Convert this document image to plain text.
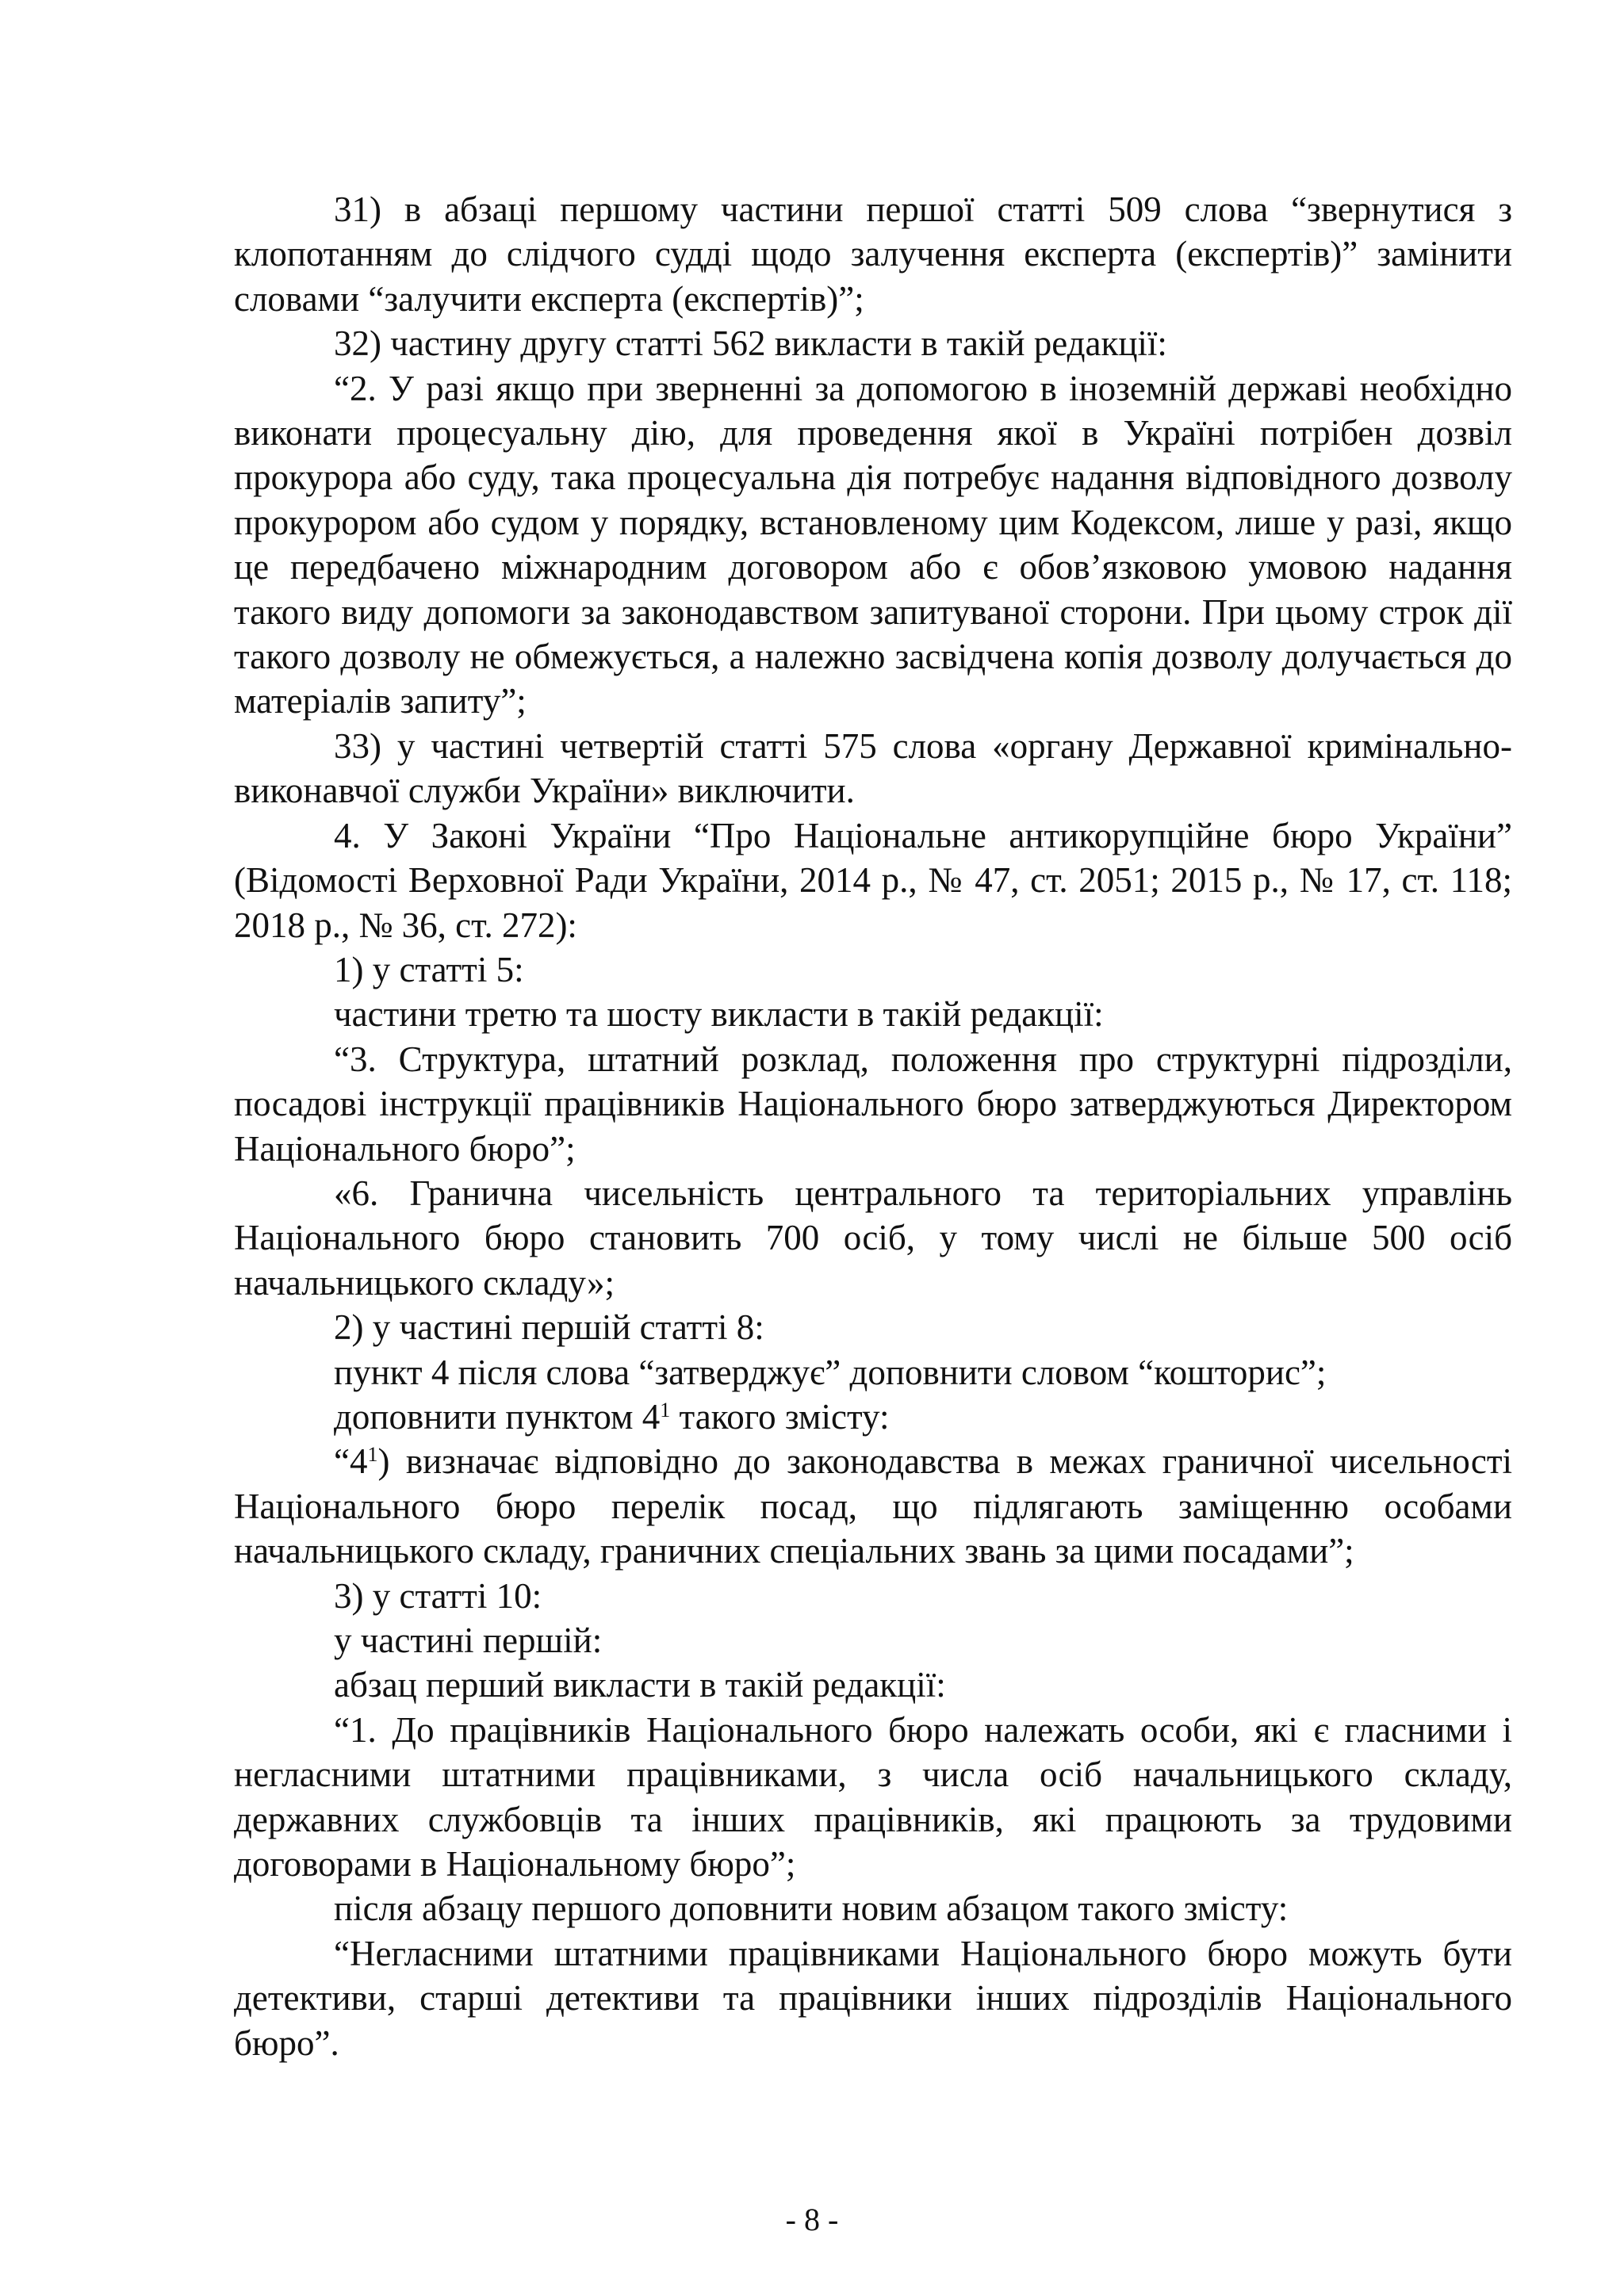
31) в абзаці першому частини першої статті 509 слова “звернутися з клопотанням до слідчого судді щодо залучення експерта (експертів)” замінити словами “залучити експерта (експертів)”;

32) частину другу статті 562 викласти в такій редакції:

“2. У разі якщо при зверненні за допомогою в іноземній державі необхідно виконати процесуальну дію, для проведення якої в Україні потрібен дозвіл прокурора або суду, така процесуальна дія потребує надання відповідного дозволу прокурором або судом у порядку, встановленому цим Кодексом, лише у разі, якщо це передбачено міжнародним договором або є обов’язковою умовою надання такого виду допомоги за законодавством запитуваної сторони. При цьому строк дії такого дозволу не обмежується, а належно засвідчена копія дозволу долучається до матеріалів запиту”;

33) у частині четвертій статті 575 слова «органу Державної кримінально-виконавчої служби України» виключити.

4. У Законі України “Про Національне антикорупційне бюро України” (Відомості Верховної Ради України, 2014 р., № 47, ст. 2051; 2015 р., № 17, ст. 118; 2018 р., № 36, ст. 272):

1) у статті 5:

частини третю та шосту викласти в такій редакції:

“3. Структура, штатний розклад, положення про структурні підрозділи, посадові інструкції працівників Національного бюро затверджуються Директором Національного бюро”;

«6. Гранична чисельність центрального та територіальних управлінь Національного бюро становить 700 осіб, у тому числі не більше 500 осіб начальницького складу»;

2) у частині першій статті 8:

пункт 4 після слова “затверджує” доповнити словом “кошторис”;

доповнити пунктом $4^1$ такого змісту:

“$4^1$) визначає відповідно до законодавства в межах граничної чисельності Національного бюро перелік посад, що підлягають заміщенню особами начальницького складу, граничних спеціальних звань за цими посадами”;

3) у статті 10:

у частині першій:

абзац перший викласти в такій редакції:

“1. До працівників Національного бюро належать особи, які є гласними і негласними штатними працівниками, з числа осіб начальницького складу, державних службовців та інших працівників, які працюють за трудовими договорами в Національному бюро”;

після абзацу першого доповнити новим абзацом такого змісту:

“Негласними штатними працівниками Національного бюро можуть бути детективи, старші детективи та працівники інших підрозділів Національного бюро”.

- 8 -
